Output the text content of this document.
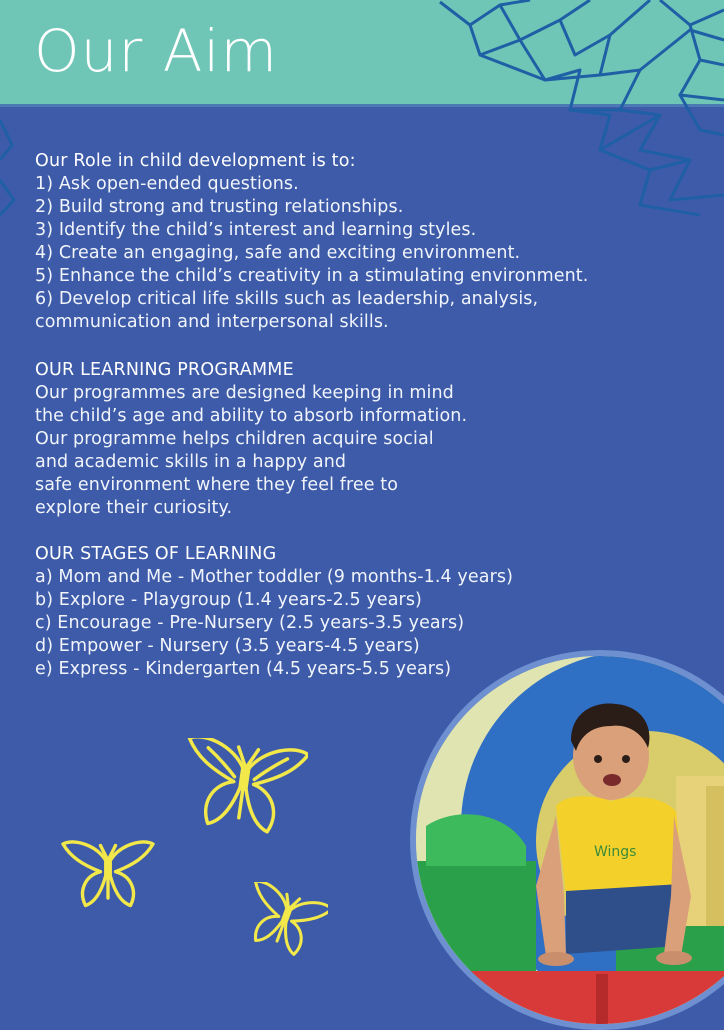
Our Aim
Our Role in child development is to:
1) Ask open-ended questions.
2) Build strong and trusting relationships.
3) Identify the child’s interest and learning styles.
4) Create an engaging, safe and exciting environment.
5) Enhance the child’s creativity in a stimulating environment.
6) Develop critical life skills such as leadership, analysis,
communication and interpersonal skills.
OUR LEARNING PROGRAMME
Our programmes are designed keeping in mind
the child’s age and ability to absorb information.
Our programme helps children acquire social
and academic skills in a happy and
safe environment where they feel free to
explore their curiosity.
OUR STAGES OF LEARNING
a) Mom and Me - Mother toddler (9 months-1.4 years)
b) Explore - Playgroup (1.4 years-2.5 years)
c) Encourage - Pre-Nursery (2.5 years-3.5 years)
d) Empower - Nursery (3.5 years-4.5 years)
e) Express - Kindergarten (4.5 years-5.5 years)
Wings
